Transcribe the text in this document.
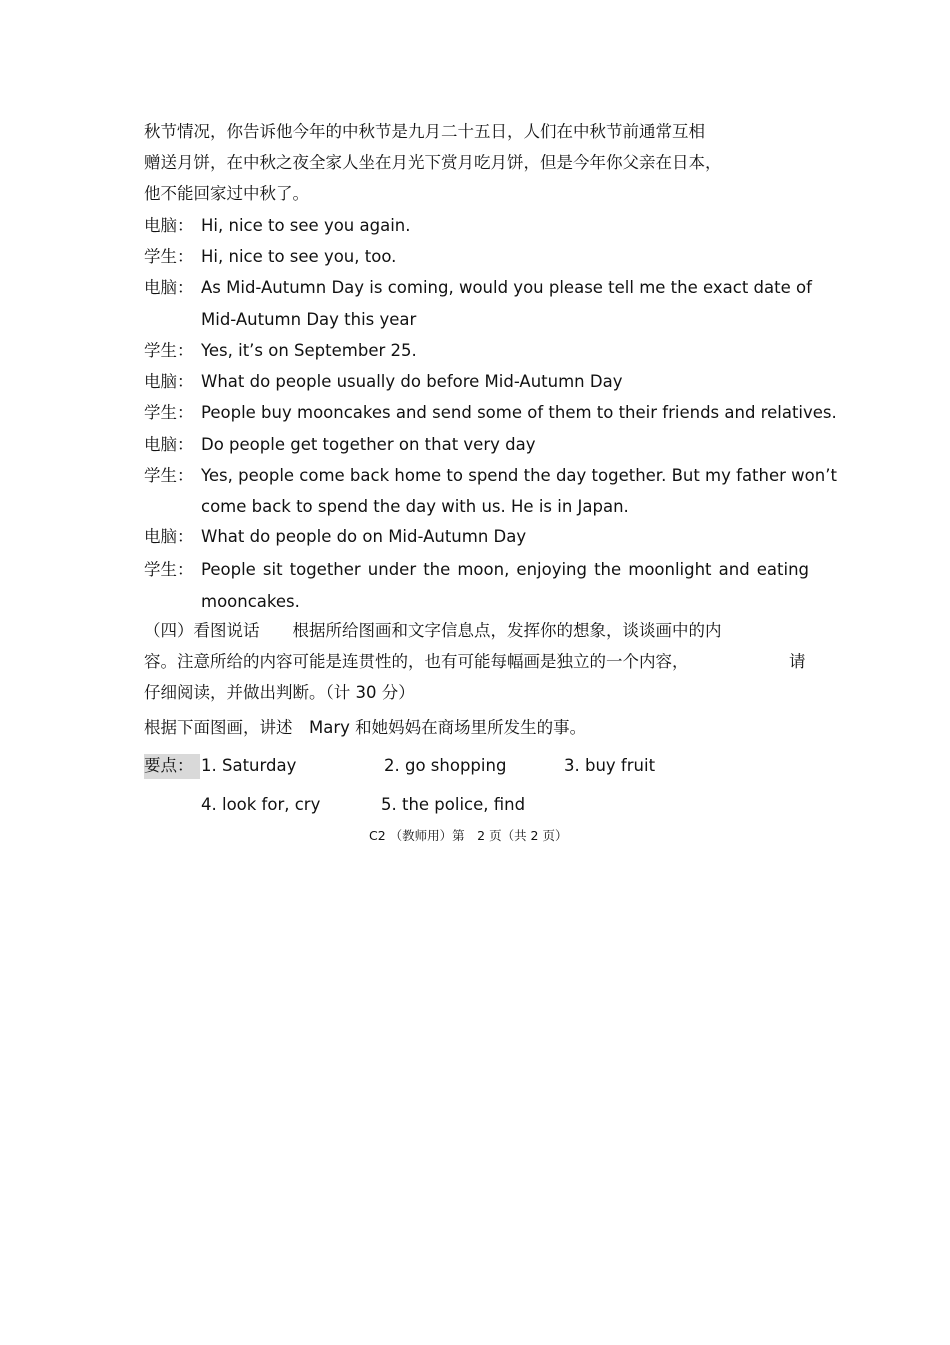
秋节情况，你告诉他今年的中秋节是九月二十五日，人们在中秋节前通常互相
赠送月饼，在中秋之夜全家人坐在月光下赏月吃月饼，但是今年你父亲在日本，
他不能回家过中秋了。
电脑： Hi, nice to see you again.
学生： Hi, nice to see you, too.
电脑： As Mid-Autumn Day is coming, would you please tell me the exact date of
Mid-Autumn Day this year
学生： Yes, it’s on September 25.
电脑： What do people usually do before Mid-Autumn Day
学生： People buy mooncakes and send some of them to their friends and relatives.
电脑： Do people get together on that very day
学生： Yes, people come back home to spend the day together. But my father won’t
come back to spend the day with us. He is in Japan.
电脑： What do people do on Mid-Autumn Day
学生： People sit together under the moon, enjoying the moonlight and eating
mooncakes.
（四）看图说话　　根据所给图画和文字信息点，发挥你的想象，谈谈画中的内
容。注意所给的内容可能是连贯性的，也有可能每幅画是独立的一个内容，	请
仔细阅读，并做出判断。（计 30 分）
根据下面图画，讲述　Mary 和她妈妈在商场里所发生的事。
要点： 1. Saturday	2. go shopping	3. buy fruit
4. look for, cry	5. the police, find
C2 （教师用）第　2 页（共 2 页）
